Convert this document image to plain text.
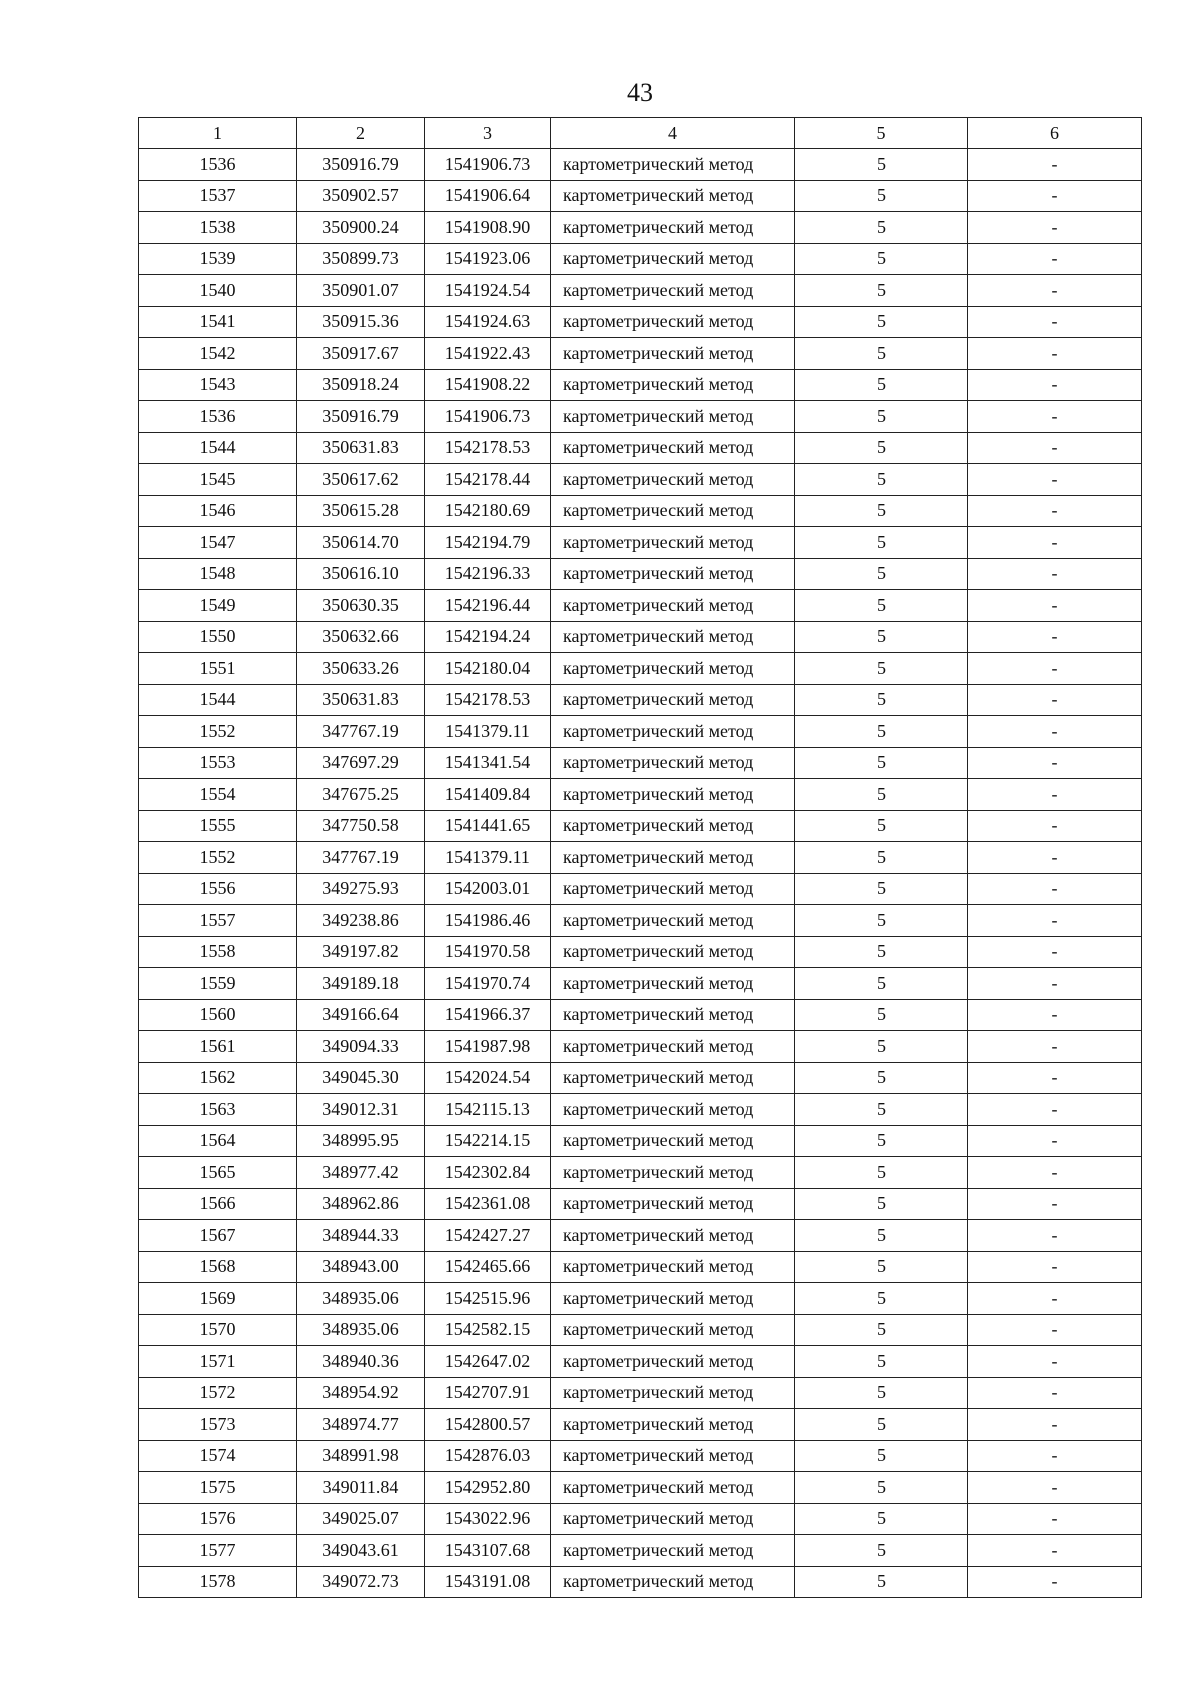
43
1	2	3	4	5	6
1536	350916.79	1541906.73	картометрический метод	5	-
1537	350902.57	1541906.64	картометрический метод	5	-
1538	350900.24	1541908.90	картометрический метод	5	-
1539	350899.73	1541923.06	картометрический метод	5	-
1540	350901.07	1541924.54	картометрический метод	5	-
1541	350915.36	1541924.63	картометрический метод	5	-
1542	350917.67	1541922.43	картометрический метод	5	-
1543	350918.24	1541908.22	картометрический метод	5	-
1536	350916.79	1541906.73	картометрический метод	5	-
1544	350631.83	1542178.53	картометрический метод	5	-
1545	350617.62	1542178.44	картометрический метод	5	-
1546	350615.28	1542180.69	картометрический метод	5	-
1547	350614.70	1542194.79	картометрический метод	5	-
1548	350616.10	1542196.33	картометрический метод	5	-
1549	350630.35	1542196.44	картометрический метод	5	-
1550	350632.66	1542194.24	картометрический метод	5	-
1551	350633.26	1542180.04	картометрический метод	5	-
1544	350631.83	1542178.53	картометрический метод	5	-
1552	347767.19	1541379.11	картометрический метод	5	-
1553	347697.29	1541341.54	картометрический метод	5	-
1554	347675.25	1541409.84	картометрический метод	5	-
1555	347750.58	1541441.65	картометрический метод	5	-
1552	347767.19	1541379.11	картометрический метод	5	-
1556	349275.93	1542003.01	картометрический метод	5	-
1557	349238.86	1541986.46	картометрический метод	5	-
1558	349197.82	1541970.58	картометрический метод	5	-
1559	349189.18	1541970.74	картометрический метод	5	-
1560	349166.64	1541966.37	картометрический метод	5	-
1561	349094.33	1541987.98	картометрический метод	5	-
1562	349045.30	1542024.54	картометрический метод	5	-
1563	349012.31	1542115.13	картометрический метод	5	-
1564	348995.95	1542214.15	картометрический метод	5	-
1565	348977.42	1542302.84	картометрический метод	5	-
1566	348962.86	1542361.08	картометрический метод	5	-
1567	348944.33	1542427.27	картометрический метод	5	-
1568	348943.00	1542465.66	картометрический метод	5	-
1569	348935.06	1542515.96	картометрический метод	5	-
1570	348935.06	1542582.15	картометрический метод	5	-
1571	348940.36	1542647.02	картометрический метод	5	-
1572	348954.92	1542707.91	картометрический метод	5	-
1573	348974.77	1542800.57	картометрический метод	5	-
1574	348991.98	1542876.03	картометрический метод	5	-
1575	349011.84	1542952.80	картометрический метод	5	-
1576	349025.07	1543022.96	картометрический метод	5	-
1577	349043.61	1543107.68	картометрический метод	5	-
1578	349072.73	1543191.08	картометрический метод	5	-
